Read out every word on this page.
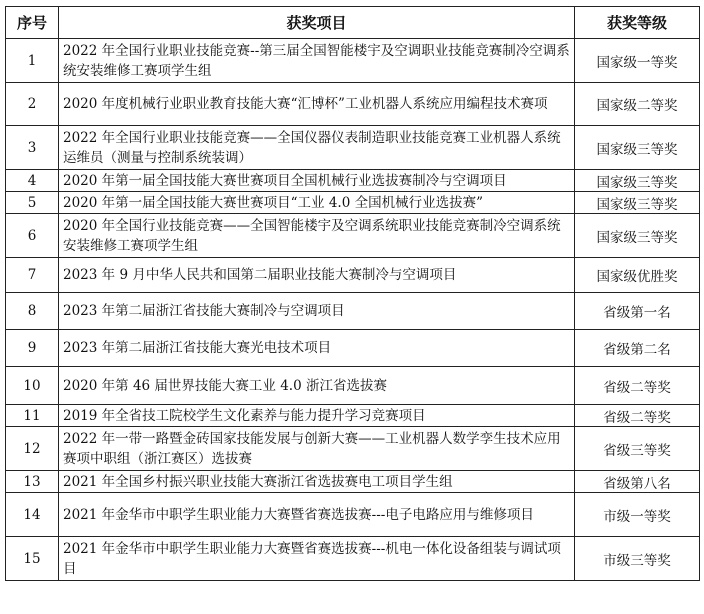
序号	获奖项目	获奖等级
1	2022 年全国行业职业技能竞赛--第三届全国智能楼宇及空调职业技能竞赛制冷空调系统安装维修工赛项学生组	国家级一等奖
2	2020 年度机械行业职业教育技能大赛“汇博杯”工业机器人系统应用编程技术赛项	国家级二等奖
3	2022 年全国行业职业技能竞赛——全国仪器仪表制造职业技能竞赛工业机器人系统运维员（测量与控制系统装调）	国家级三等奖
4	2020 年第一届全国技能大赛世赛项目全国机械行业选拔赛制冷与空调项目	国家级三等奖
5	2020 年第一届全国技能大赛世赛项目“工业 4.0 全国机械行业选拔赛”	国家级三等奖
6	2020 年全国行业技能竞赛——全国智能楼宇及空调系统职业技能竞赛制冷空调系统安装维修工赛项学生组	国家级三等奖
7	2023 年 9 月中华人民共和国第二届职业技能大赛制冷与空调项目	国家级优胜奖
8	2023 年第二届浙江省技能大赛制冷与空调项目	省级第一名
9	2023 年第二届浙江省技能大赛光电技术项目	省级第二名
10	2020 年第 46 届世界技能大赛工业 4.0 浙江省选拔赛	省级二等奖
11	2019 年全省技工院校学生文化素养与能力提升学习竞赛项目	省级二等奖
12	2022 年一带一路暨金砖国家技能发展与创新大赛——工业机器人数学孪生技术应用赛项中职组（浙江赛区）选拔赛	省级三等奖
13	2021 年全国乡村振兴职业技能大赛浙江省选拔赛电工项目学生组	省级第八名
14	2021 年金华市中职学生职业能力大赛暨省赛选拔赛---电子电路应用与维修项目	市级一等奖
15	2021 年金华市中职学生职业能力大赛暨省赛选拔赛---机电一体化设备组装与调试项目	市级三等奖
